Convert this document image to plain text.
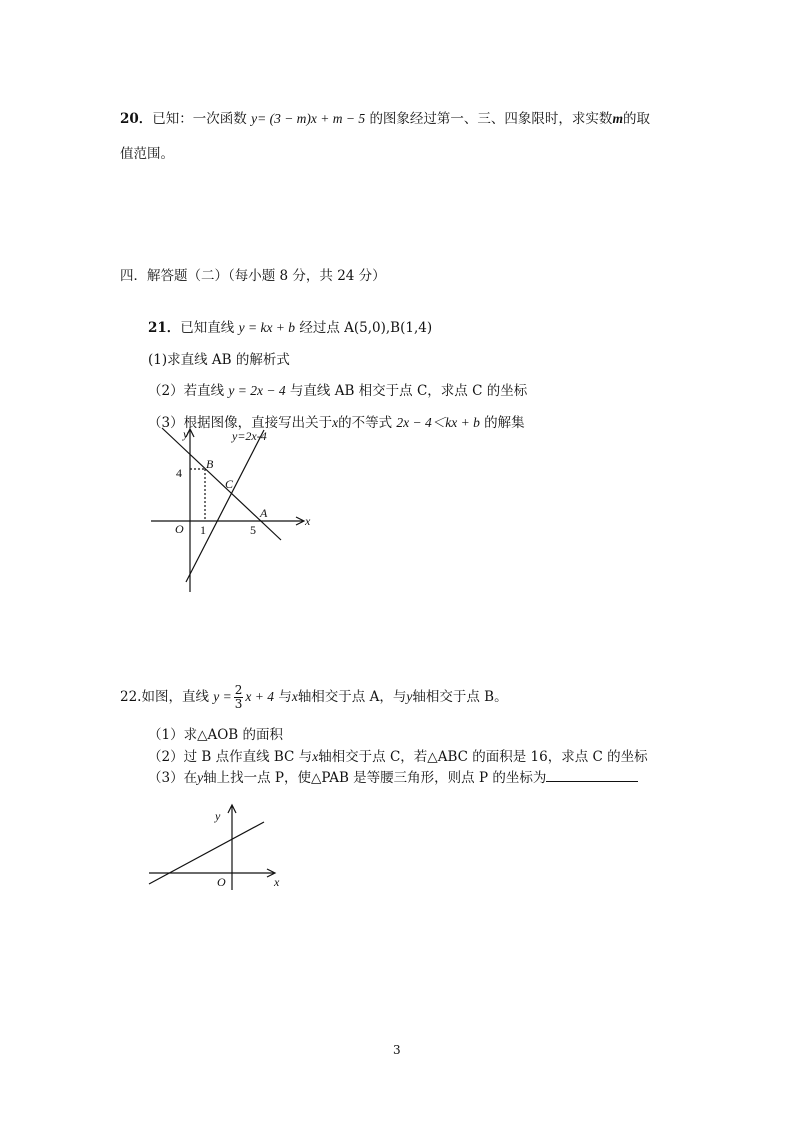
20．已知：一次函数 y= (3 − m)x + m − 5 的图象经过第一、三、四象限时，求实数m的取
值范围。
四．解答题（二）（每小题 8 分，共 24 分）
21．已知直线 y = kx + b 经过点 A(5,0),B(1,4)
(1)求直线 AB 的解析式
（2）若直线 y = 2x − 4 与直线 AB 相交于点 C，求点 C 的坐标
（3）根据图像，直接写出关于x的不等式 2x − 4＜kx + b 的解集
y	y=2x-4
4
B
C
A
x
O 1	5
22.如图，直线 $y = \frac{2}{3}$ x + 4 与x轴相交于点 A，与y轴相交于点 B。
（1）求△AOB 的面积
（2）过 B 点作直线 BC 与x轴相交于点 C，若△ABC 的面积是 16，求点 C 的坐标
（3）在y轴上找一点 P，使△PAB 是等腰三角形，则点 P 的坐标为
y
O	x
3
